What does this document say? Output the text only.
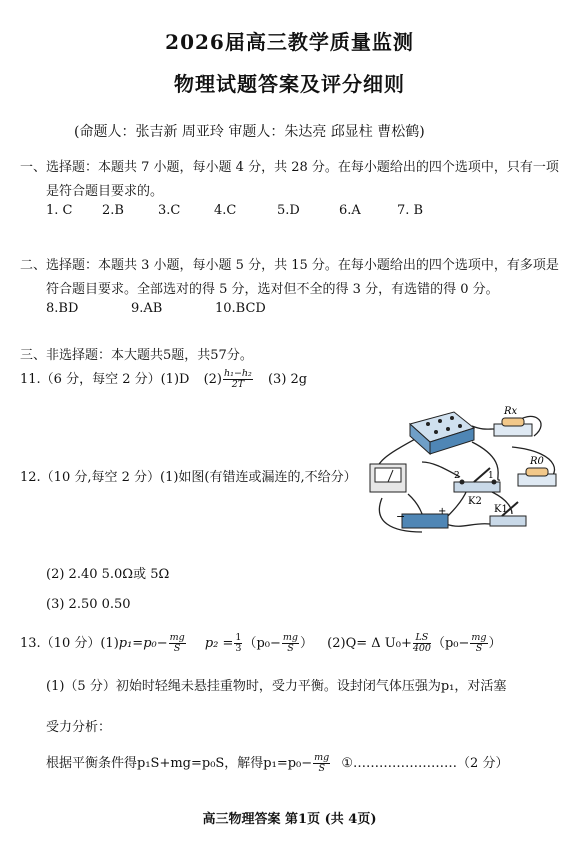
2026届高三教学质量监测
物理试题答案及评分细则
(命题人：张吉新 周亚玲 审题人：朱达亮 邱显柱 曹松鹤)
一、选择题：本题共 7 小题，每小题 4 分，共 28 分。在每小题给出的四个选项中，只有一项
是符合题目要求的。
1. C 2.B	3.C	4.C	5.D	6.A	7. B
二、选择题：本题共 3 小题，每小题 5 分，共 15 分。在每小题给出的四个选项中，有多项是
符合题目要求。全部选对的得 5 分，选对但不全的得 3 分，有选错的得 0 分。
8.BD	9.AB	10.BCD
三、非选择题：本大题共5题，共57分。
11.（6 分，每空 2 分）(1)D $(2) \frac{\text{h₁−h₂}}{2T} (3)$ 2g
12.（10 分,每空 2 分）(1)如图(有错连或漏连的,不给分）
Rx
R0
2	1
K2
K1
−	+
(2) 2.40 5.0Ω或 5Ω
(3) 2.50 0.50
13.（10 分）$(1)p_1=p_0- \frac{mg}{S} p_2 = \frac{1}{3} (p_0- \frac{mg}{S}$ ） (2)Q= Δ $U_0+ \frac{LS}{400} (p_0- \frac{mg}{S}$ ）
(1)（5 分）初始时轻绳未悬挂重物时，受力平衡。设封闭气体压强为p₁，对活塞
受力分析：
根据平衡条件得p₁S+mg=p₀S，解得$p_1=p_0- \frac{mg}{S}$ ①……………………（2 分）
高三物理答案 第1页 (共 4页)
